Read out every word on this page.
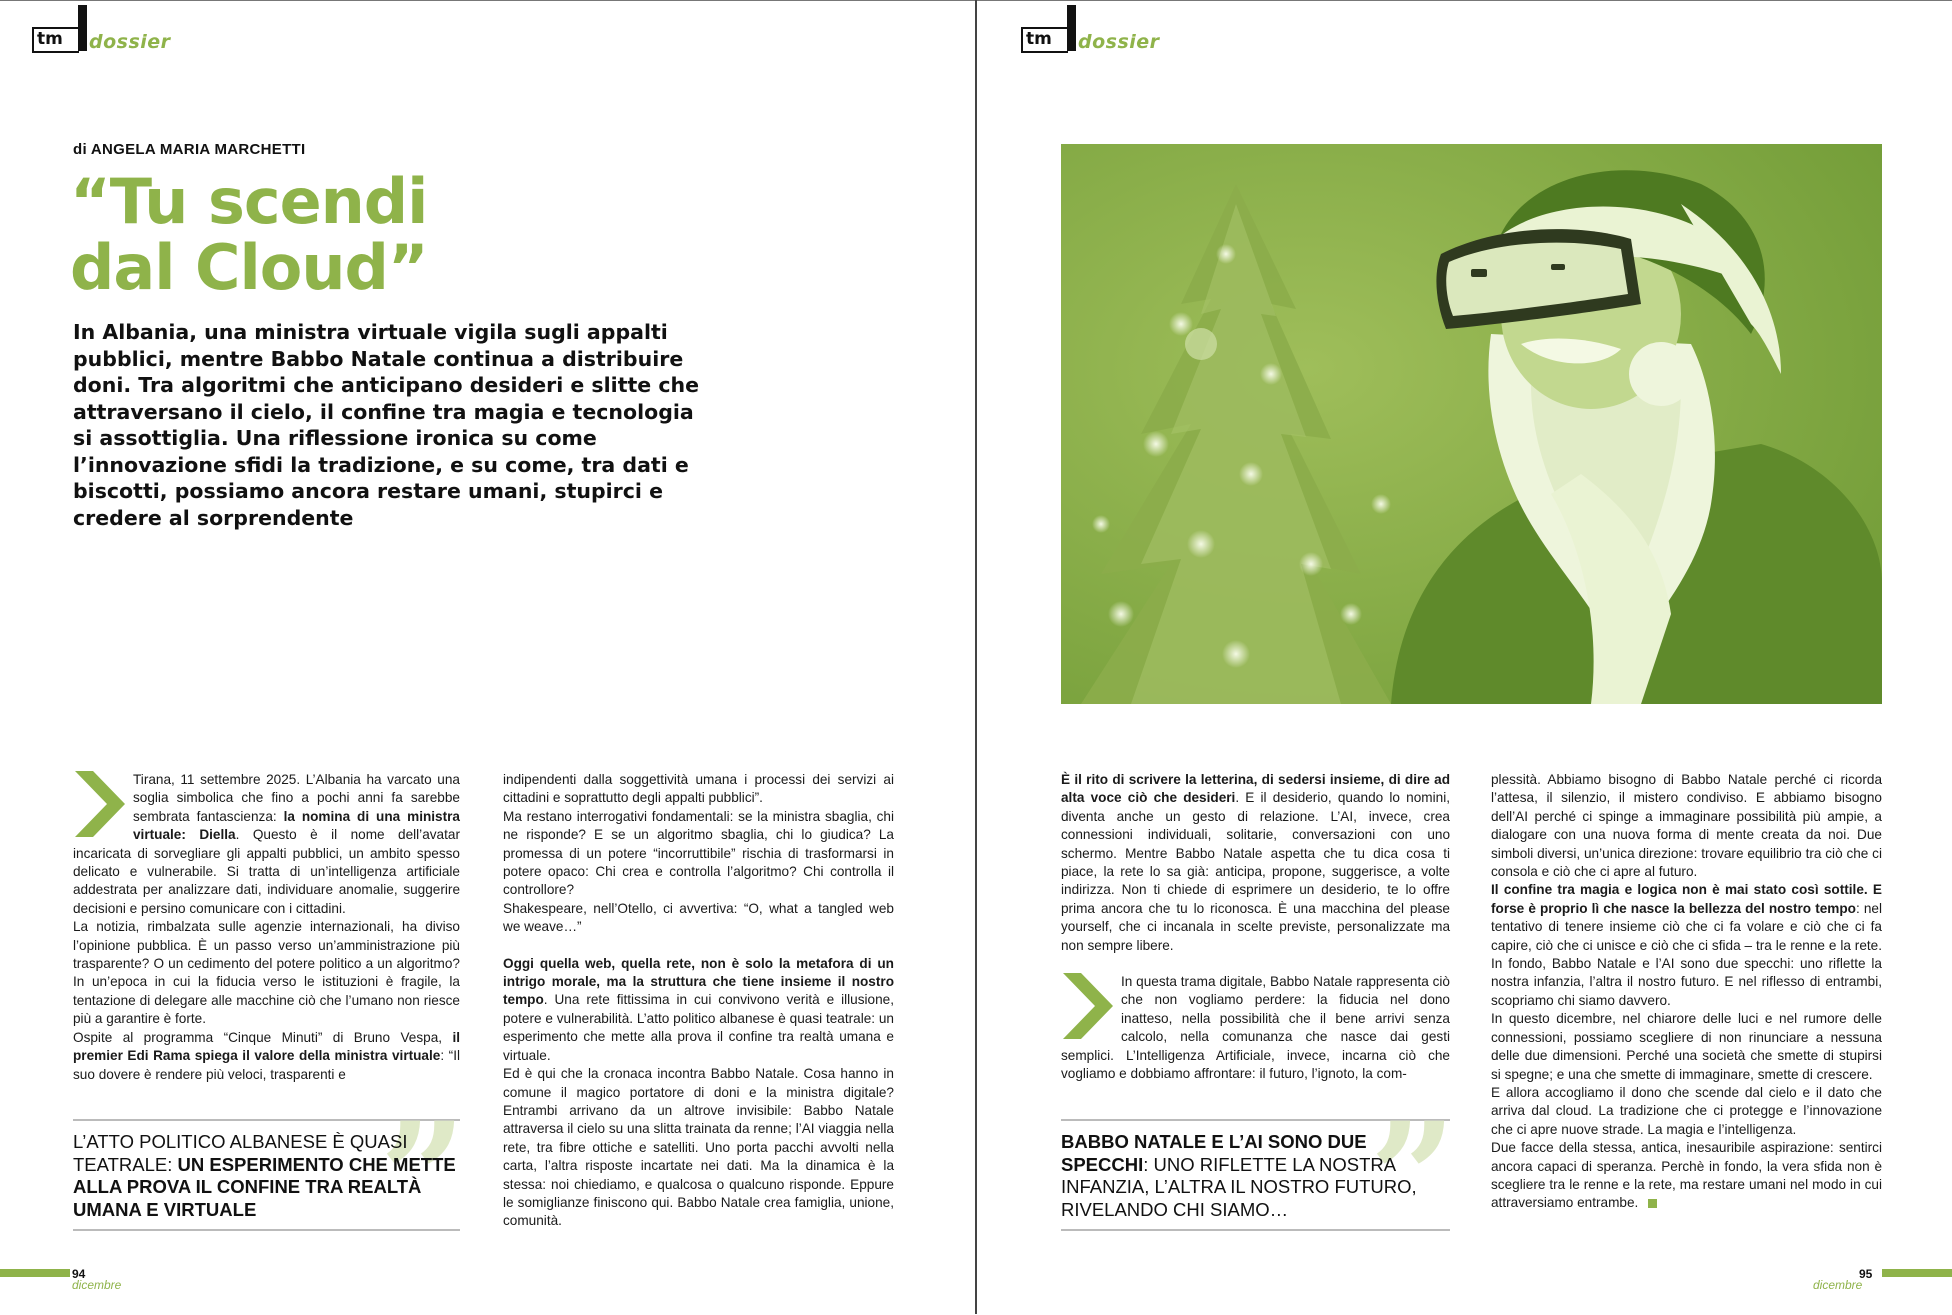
tm	dossier
di ANGELA MARIA MARCHETTI
“Tu scendi
dal Cloud”

In Albania, una ministra virtuale vigila sugli appalti pubblici, mentre Babbo Natale continua a distribuire doni. Tra algoritmi che anticipano desideri e slitte che attraversano il cielo, il confine tra magia e tecnologia si assottiglia. Una riflessione ironica su come l’innovazione sfidi la tradizione, e su come, tra dati e biscotti, possiamo ancora restare umani, stupirci e credere al sorprendente

Tirana, 11 settembre 2025. L’Albania ha varcato una soglia simbolica che fino a pochi anni fa sarebbe sembrata fantascienza: la nomina di una ministra virtuale: Diella. Questo è il nome dell’avatar incaricata di sorvegliare gli appalti pubblici, un ambito spesso delicato e vulnerabile. Si tratta di un’intelligenza artificiale addestrata per analizzare dati, individuare anomalie, suggerire decisioni e persino comunicare con i cittadini.

La notizia, rimbalzata sulle agenzie internazionali, ha diviso l’opinione pubblica. È un passo verso un’amministrazione più trasparente? O un cedimento del potere politico a un algoritmo? In un’epoca in cui la fiducia verso le istituzioni è fragile, la tentazione di delegare alle macchine ciò che l’umano non riesce più a garantire è forte.

Ospite al programma “Cinque Minuti” di Bruno Vespa, il premier Edi Rama spiega il valore della ministra virtuale: “Il suo dovere è rendere più veloci, trasparenti e

”
L’ATTO POLITICO ALBANESE È QUASI TEATRALE: UN ESPERIMENTO CHE METTE ALLA PROVA IL CONFINE TRA REALTÀ UMANA E VIRTUALE

indipendenti dalla soggettività umana i processi dei servizi ai cittadini e soprattutto degli appalti pubblici”.

Ma restano interrogativi fondamentali: se la ministra sbaglia, chi ne risponde? E se un algoritmo sbaglia, chi lo giudica? La promessa di un potere “incorruttibile” rischia di trasformarsi in potere opaco: Chi crea e controlla l’algoritmo? Chi controlla il controllore?

Shakespeare, nell’Otello, ci avvertiva: “O, what a tangled web we weave…”

Oggi quella web, quella rete, non è solo la metafora di un intrigo morale, ma la struttura che tiene insieme il nostro tempo. Una rete fittissima in cui convivono verità e illusione, potere e vulnerabilità. L’atto politico albanese è quasi teatrale: un esperimento che mette alla prova il confine tra realtà umana e virtuale.

Ed è qui che la cronaca incontra Babbo Natale. Cosa hanno in comune il magico portatore di doni e la ministra digitale? Entrambi arrivano da un altrove invisibile: Babbo Natale attraversa il cielo su una slitta trainata da renne; l’AI viaggia nella rete, tra fibre ottiche e satelliti. Uno porta pacchi avvolti nella carta, l’altra risposte incartate nei dati. Ma la dinamica è la stessa: noi chiediamo, e qualcosa o qualcuno risponde. Eppure le somiglianze finiscono qui. Babbo Natale crea famiglia, unione, comunità.

94
dicembre
tm	dossier

È il rito di scrivere la letterina, di sedersi insieme, di dire ad alta voce ciò che desideri. E il desiderio, quando lo nomini, diventa anche un gesto di relazione. L’AI, invece, crea connessioni individuali, solitarie, conversazioni con uno schermo. Mentre Babbo Natale aspetta che tu dica cosa ti piace, la rete lo sa già: anticipa, propone, suggerisce, a volte indirizza. Non ti chiede di esprimere un desiderio, te lo offre prima ancora che tu lo riconosca. È una macchina del please yourself, che ci incanala in scelte previste, personalizzate ma non sempre libere.

In questa trama digitale, Babbo Natale rappresenta ciò che non vogliamo perdere: la fiducia nel dono inatteso, nella possibilità che il bene arrivi senza calcolo, nella comunanza che nasce dai gesti semplici. L’Intelligenza Artificiale, invece, incarna ciò che vogliamo e dobbiamo affrontare: il futuro, l’ignoto, la com-

”
BABBO NATALE E L’AI SONO DUE SPECCHI: UNO RIFLETTE LA NOSTRA INFANZIA, L’ALTRA IL NOSTRO FUTURO, RIVELANDO CHI SIAMO…

plessità. Abbiamo bisogno di Babbo Natale perché ci ricorda l’attesa, il silenzio, il mistero condiviso. E abbiamo bisogno dell’AI perché ci spinge a immaginare possibilità più ampie, a dialogare con una nuova forma di mente creata da noi. Due simboli diversi, un’unica direzione: trovare equilibrio tra ciò che ci consola e ciò che ci apre al futuro.

Il confine tra magia e logica non è mai stato così sottile. E forse è proprio lì che nasce la bellezza del nostro tempo: nel tentativo di tenere insieme ciò che ci fa volare e ciò che ci fa capire, ciò che ci unisce e ciò che ci sfida – tra le renne e la rete. In fondo, Babbo Natale e l’AI sono due specchi: uno riflette la nostra infanzia, l’altra il nostro futuro. E nel riflesso di entrambi, scopriamo chi siamo davvero.

In questo dicembre, nel chiarore delle luci e nel rumore delle connessioni, possiamo scegliere di non rinunciare a nessuna delle due dimensioni. Perché una società che smette di stupirsi si spegne; e una che smette di immaginare, smette di crescere.

E allora accogliamo il dono che scende dal cielo e il dato che arriva dal cloud. La tradizione che ci protegge e l’innovazione che ci apre nuove strade. La magia e l’intelligenza.

Due facce della stessa, antica, inesauribile aspirazione: sentirci ancora capaci di speranza. Perchè in fondo, la vera sfida non è scegliere tra le renne e la rete, ma restare umani nel modo in cui attraversiamo entrambe.

95
dicembre
